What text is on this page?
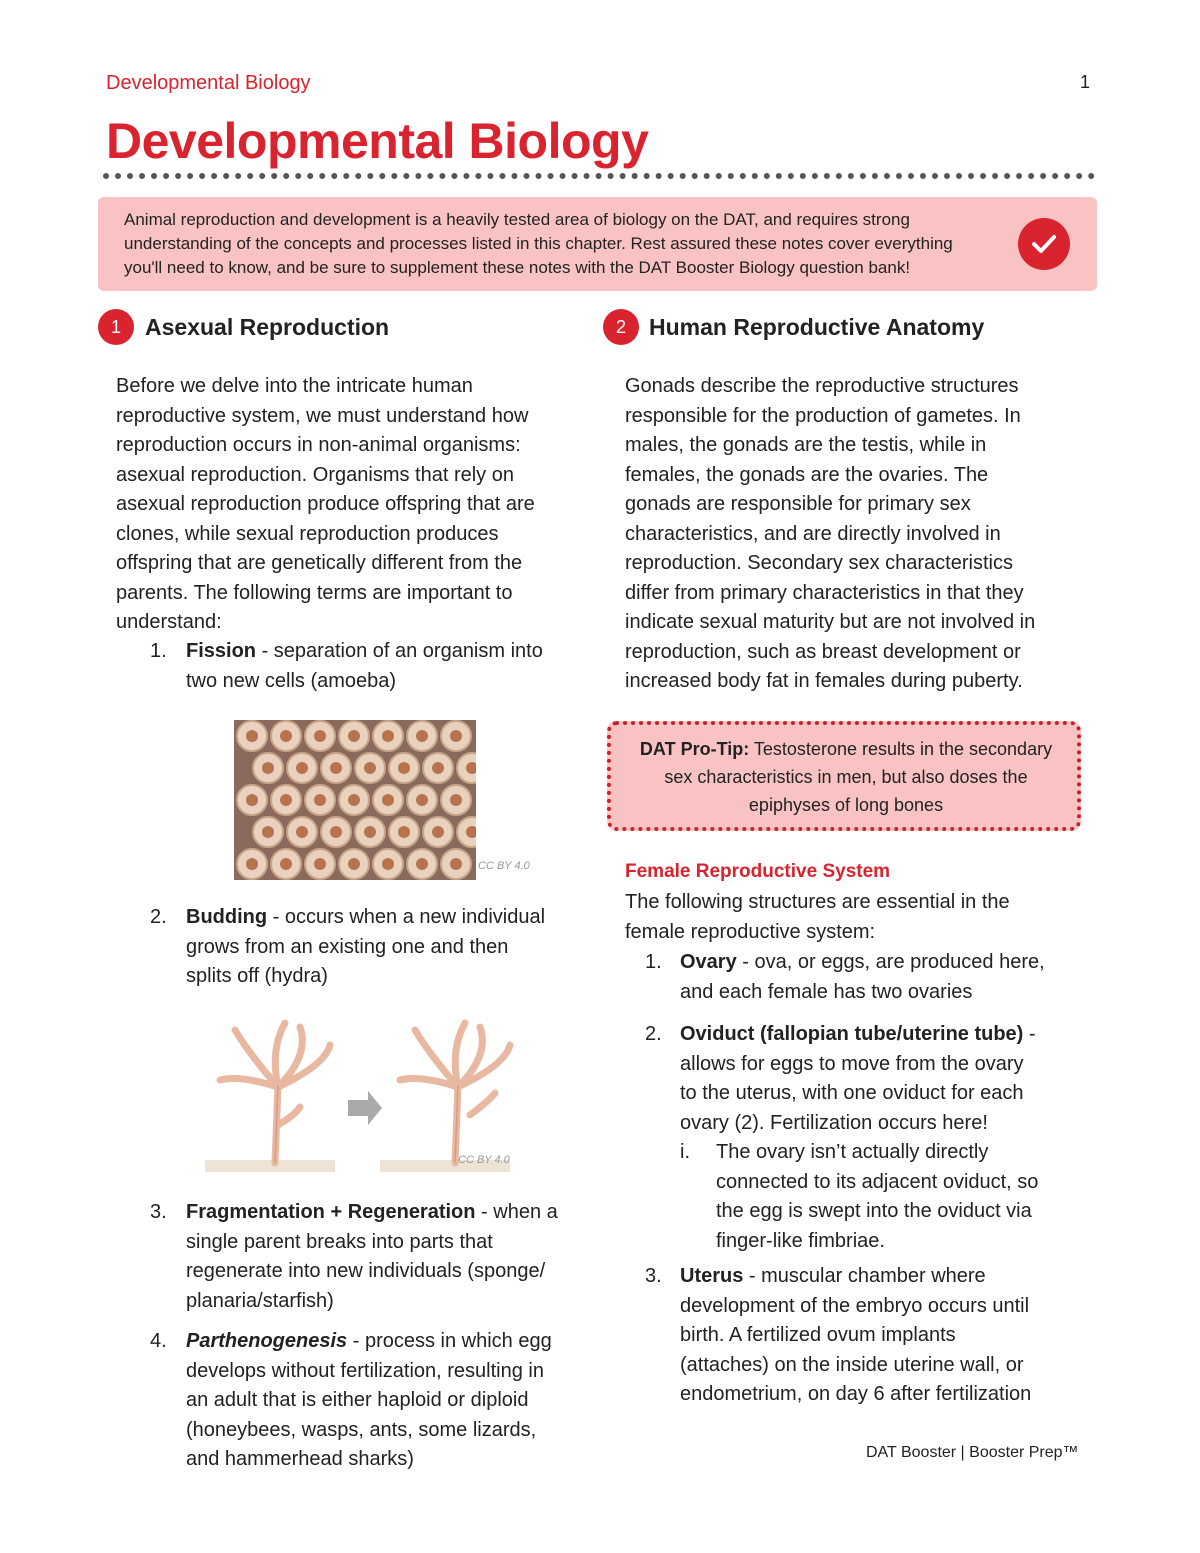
Developmental Biology	1
Developmental Biology
Animal reproduction and development is a heavily tested area of biology on the DAT, and requires strong
understanding of the concepts and processes listed in this chapter. Rest assured these notes cover everything
you'll need to know, and be sure to supplement these notes with the DAT Booster Biology question bank!
1	Asexual Reproduction
Before we delve into the intricate human
reproductive system, we must understand how
reproduction occurs in non-animal organisms:
asexual reproduction. Organisms that rely on
asexual reproduction produce offspring that are
clones, while sexual reproduction produces
offspring that are genetically different from the
parents. The following terms are important to
understand:
1. Fission - separation of an organism into
two new cells (amoeba)
CC BY 4.0
2. Budding - occurs when a new individual
grows from an existing one and then
splits off (hydra)
CC BY 4.0
3. Fragmentation + Regeneration - when a
single parent breaks into parts that
regenerate into new individuals (sponge/
planaria/starfish)
4. Parthenogenesis - process in which egg
develops without fertilization, resulting in
an adult that is either haploid or diploid
(honeybees, wasps, ants, some lizards,
and hammerhead sharks)
2	Human Reproductive Anatomy
Gonads describe the reproductive structures
responsible for the production of gametes. In
males, the gonads are the testis, while in
females, the gonads are the ovaries. The
gonads are responsible for primary sex
characteristics, and are directly involved in
reproduction. Secondary sex characteristics
differ from primary characteristics in that they
indicate sexual maturity but are not involved in
reproduction, such as breast development or
increased body fat in females during puberty.
DAT Pro-Tip: Testosterone results in the secondary
sex characteristics in men, but also doses the
epiphyses of long bones
Female Reproductive System
The following structures are essential in the
female reproductive system:
1. Ovary - ova, or eggs, are produced here,
and each female has two ovaries
2. Oviduct (fallopian tube/uterine tube) -
allows for eggs to move from the ovary
to the uterus, with one oviduct for each
ovary (2). Fertilization occurs here!
i. The ovary isn’t actually directly
connected to its adjacent oviduct, so
the egg is swept into the oviduct via
finger-like fimbriae.
3. Uterus - muscular chamber where
development of the embryo occurs until
birth. A fertilized ovum implants
(attaches) on the inside uterine wall, or
endometrium, on day 6 after fertilization
DAT Booster | Booster Prep™
